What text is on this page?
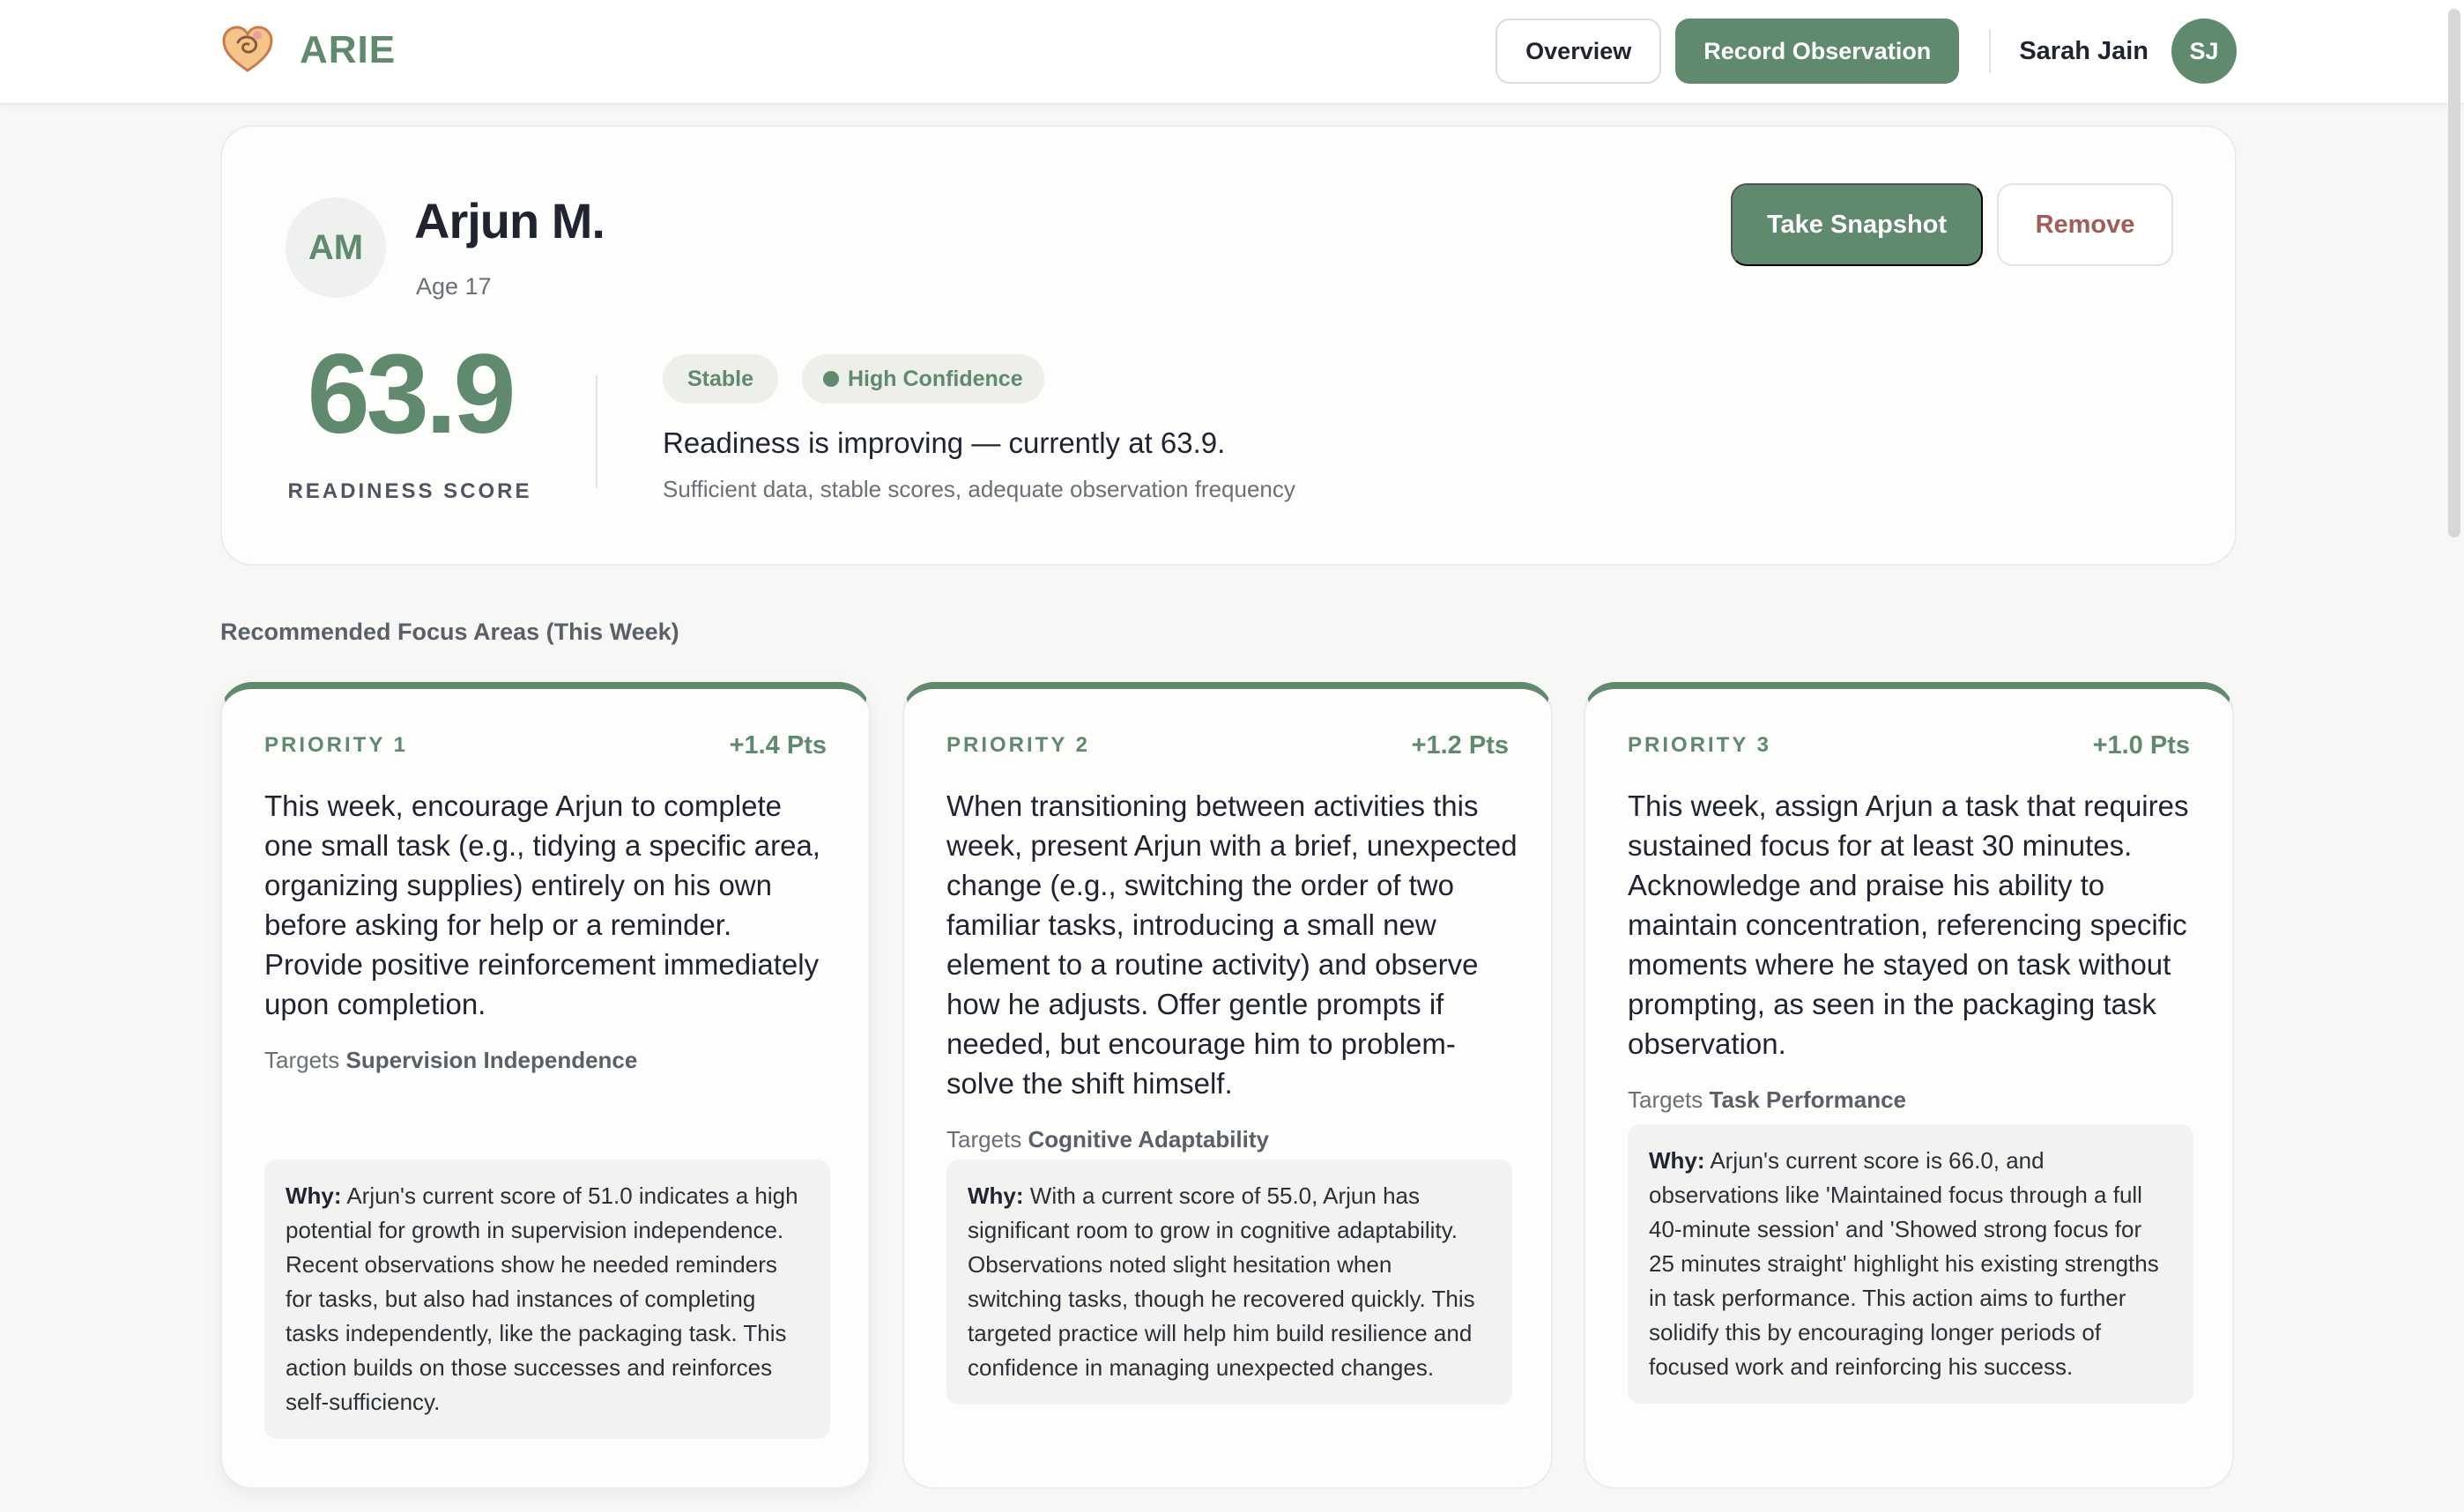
ARIE	Overview	Record Observation	Sarah Jain	SJ
AM	Arjun M.
Age 17
Take Snapshot	Remove
63.9
READINESS SCORE
Stable	High Confidence
Readiness is improving — currently at 63.9.
Sufficient data, stable scores, adequate observation frequency
Recommended Focus Areas (This Week)
PRIORITY 1	+1.4 Pts
This week, encourage Arjun to complete one small task (e.g., tidying a specific area, organizing supplies) entirely on his own before asking for help or a reminder. Provide positive reinforcement immediately upon completion.
Targets Supervision Independence
Why: Arjun's current score of 51.0 indicates a high potential for growth in supervision independence. Recent observations show he needed reminders for tasks, but also had instances of completing tasks independently, like the packaging task. This action builds on those successes and reinforces self-sufficiency.
PRIORITY 2	+1.2 Pts
When transitioning between activities this week, present Arjun with a brief, unexpected change (e.g., switching the order of two familiar tasks, introducing a small new element to a routine activity) and observe how he adjusts. Offer gentle prompts if needed, but encourage him to problem-solve the shift himself.
Targets Cognitive Adaptability
Why: With a current score of 55.0, Arjun has significant room to grow in cognitive adaptability. Observations noted slight hesitation when switching tasks, though he recovered quickly. This targeted practice will help him build resilience and confidence in managing unexpected changes.
PRIORITY 3	+1.0 Pts
This week, assign Arjun a task that requires sustained focus for at least 30 minutes. Acknowledge and praise his ability to maintain concentration, referencing specific moments where he stayed on task without prompting, as seen in the packaging task observation.
Targets Task Performance
Why: Arjun's current score is 66.0, and observations like 'Maintained focus through a full 40-minute session' and 'Showed strong focus for 25 minutes straight' highlight his existing strengths in task performance. This action aims to further solidify this by encouraging longer periods of focused work and reinforcing his success.
